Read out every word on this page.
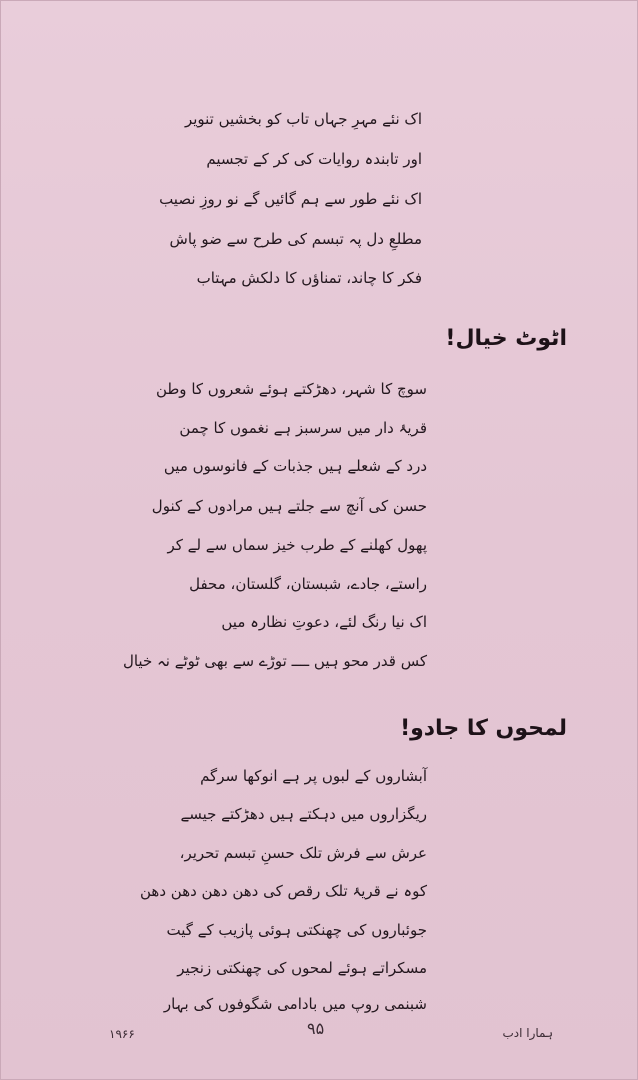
اک نئے مہرِ جہاں تاب کو بخشیں تنویر
اور تابندہ روایات کی کر کے تجسیم
اک نئے طور سے ہم گائیں گے نو روزِ نصیب
مطلعِ دل پہ تبسم کی طرح سے ضو پاش
فکر کا چاند، تمناؤں کا دلکش مہتاب
اٹوٹ خیال!
سوچ کا شہر، دھڑکتے ہوئے شعروں کا وطن
قریۂ دار میں سرسبز ہے نغموں کا چمن
درد کے شعلے ہیں جذبات کے فانوسوں میں
حسن کی آنچ سے جلتے ہیں مرادوں کے کنول
پھول کھلنے کے طرب خیز سماں سے لے کر
راستے، جادے، شبستان، گلستان، محفل
اک نیا رنگ لئے، دعوتِ نظارہ میں
کس قدر محو ہیں ــــ توڑے سے بھی ٹوٹے نہ خیال
لمحوں کا جادو!
آبشاروں کے لبوں پر ہے انوکھا سرگم
ریگزاروں میں دہکتے ہیں دھڑکتے جیسے
عرش سے فرش تلک حسنِ تبسم تحریر،
کوہ نے قریۂ تلک رقص کی دھن دھن دھن دھن
جوئباروں کی چھنکتی ہوئی پازیب کے گیت
مسکراتے ہوئے لمحوں کی چھنکتی زنجیر
شبنمی روپ میں بادامی شگوفوں کی بہار
۱۹۶۶	۹۵	ہمارا ادب
